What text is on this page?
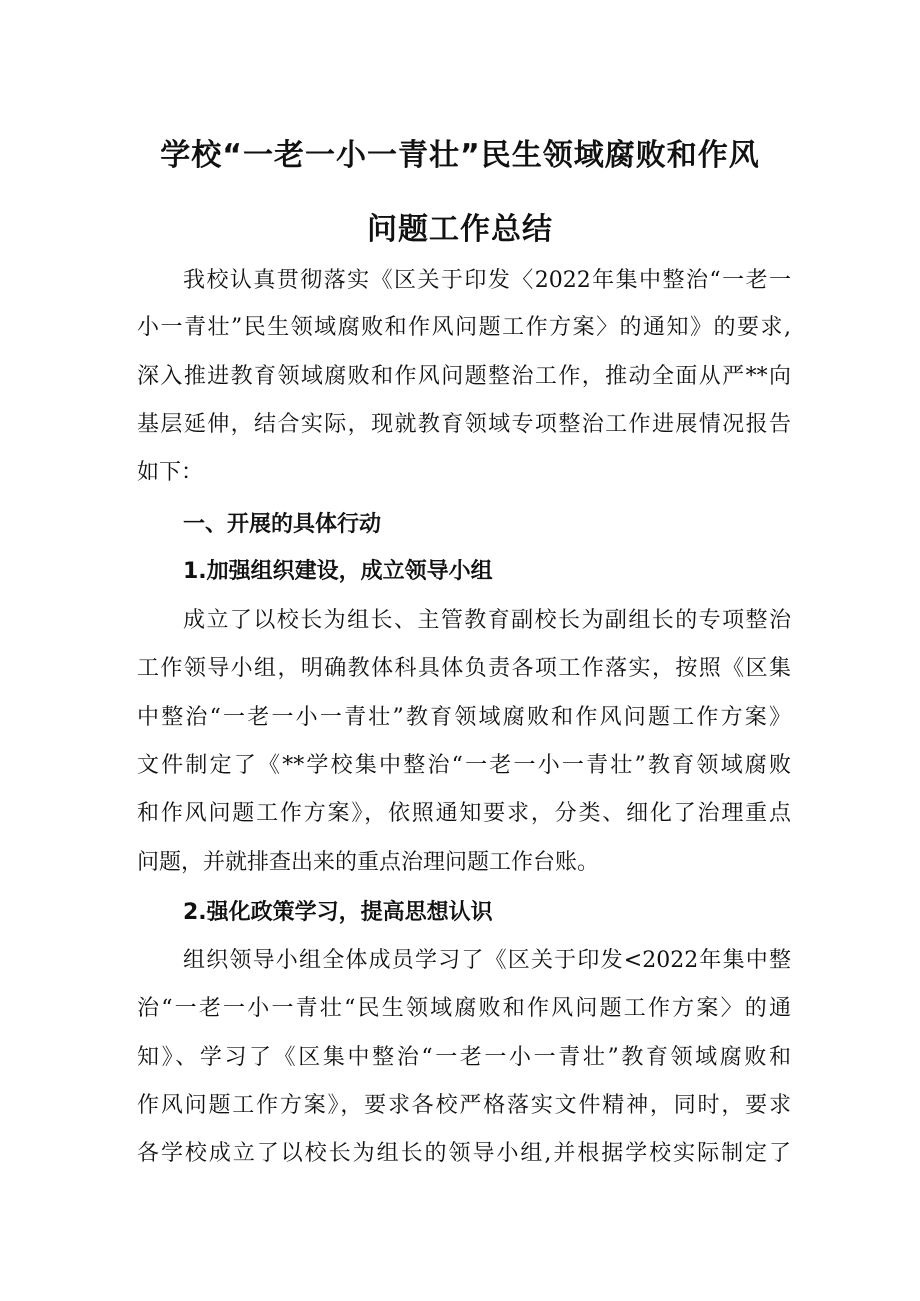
学校“一老一小一青壮”民生领域腐败和作风
问题工作总结
我校认真贯彻落实《区关于印发〈2022年集中整治“一老一
小一青壮”民生领域腐败和作风问题工作方案〉的通知》的要求,
深入推进教育领域腐败和作风问题整治工作，推动全面从严**向
基层延伸，结合实际，现就教育领域专项整治工作进展情况报告
如下：
一、开展的具体行动
1.加强组织建设，成立领导小组
成立了以校长为组长、主管教育副校长为副组长的专项整治
工作领导小组，明确教体科具体负责各项工作落实，按照《区集
中整治“一老一小一青壮”教育领域腐败和作风问题工作方案》
文件制定了《**学校集中整治“一老一小一青壮”教育领域腐败
和作风问题工作方案》，依照通知要求，分类、细化了治理重点
问题，并就排查出来的重点治理问题工作台账。
2.强化政策学习，提高思想认识
组织领导小组全体成员学习了《区关于印发<2022年集中整
治“一老一小一青壮“民生领域腐败和作风问题工作方案〉的通
知》、学习了《区集中整治“一老一小一青壮”教育领域腐败和
作风问题工作方案》，要求各校严格落实文件精神，同时，要求
各学校成立了以校长为组长的领导小组,并根据学校实际制定了
